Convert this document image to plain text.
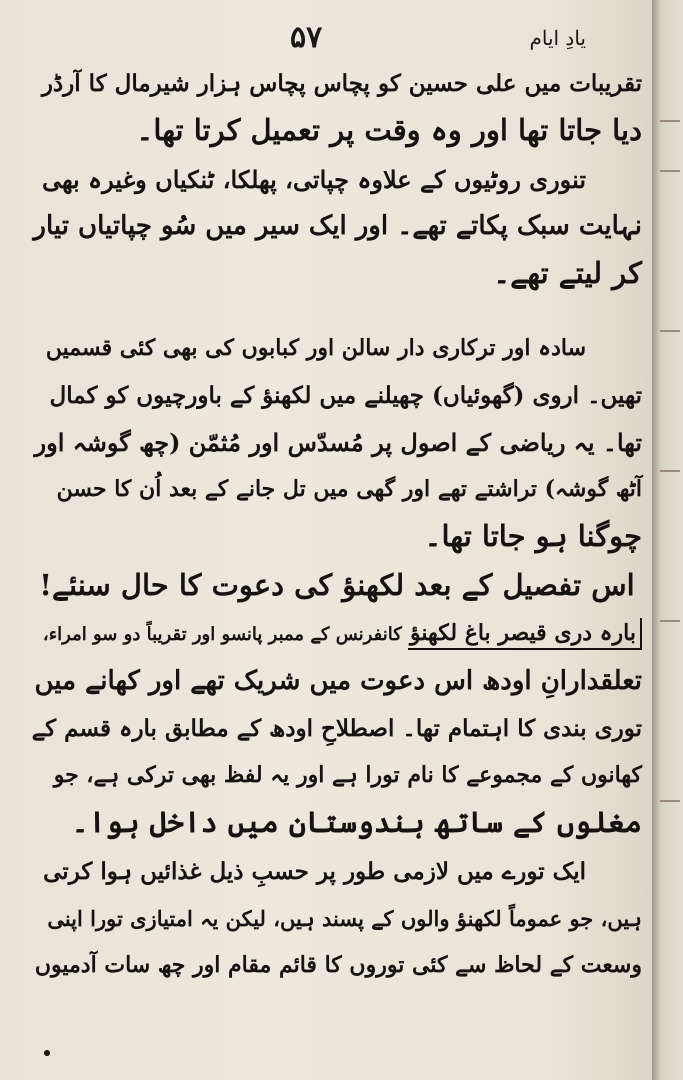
۵۷	یادِ ایام
تقریبات میں علی حسین کو پچاس پچاس ہزار شیرمال کا آرڈر
دیا جاتا تھا اور وہ وقت پر تعمیل کرتا تھا۔
تنوری روٹیوں کے علاوہ چپاتی، پھلکا، ٹنکیاں وغیرہ بھی
نہایت سبک پکاتے تھے۔ اور ایک سیر میں سُو چپاتیاں تیار
کر لیتے تھے۔
سادہ اور ترکاری دار سالن اور کبابوں کی بھی کئی قسمیں
تھیں۔ اروی (گھوئیاں) چھیلنے میں لکھنؤ کے باورچیوں کو کمال
تھا۔ یہ ریاضی کے اصول پر مُسدّس اور مُثمّن (چھ گوشہ اور
آٹھ گوشہ) تراشتے تھے اور گھی میں تل جانے کے بعد اُن کا حسن
چوگنا ہو جاتا تھا۔
اس تفصیل کے بعد لکھنؤ کی دعوت کا حال سنئے!
بارہ دری قیصر باغ لکھنؤ کانفرنس کے ممبر پانسو اور تقریباً دو سو امراء،
تعلقدارانِ اودھ اس دعوت میں شریک تھے اور کھانے میں
توری بندی کا اہتمام تھا۔ اصطلاحِ اودھ کے مطابق بارہ قسم کے
کھانوں کے مجموعے کا نام تورا ہے اور یہ لفظ بھی ترکی ہے، جو
مغلوں کے ساتھ ہندوستان میں داخل ہوا۔
ایک تورے میں لازمی طور پر حسبِ ذیل غذائیں ہوا کرتی
ہیں، جو عموماً لکھنؤ والوں کے پسند ہیں، لیکن یہ امتیازی تورا اپنی
وسعت کے لحاظ سے کئی توروں کا قائم مقام اور چھ سات آدمیوں
